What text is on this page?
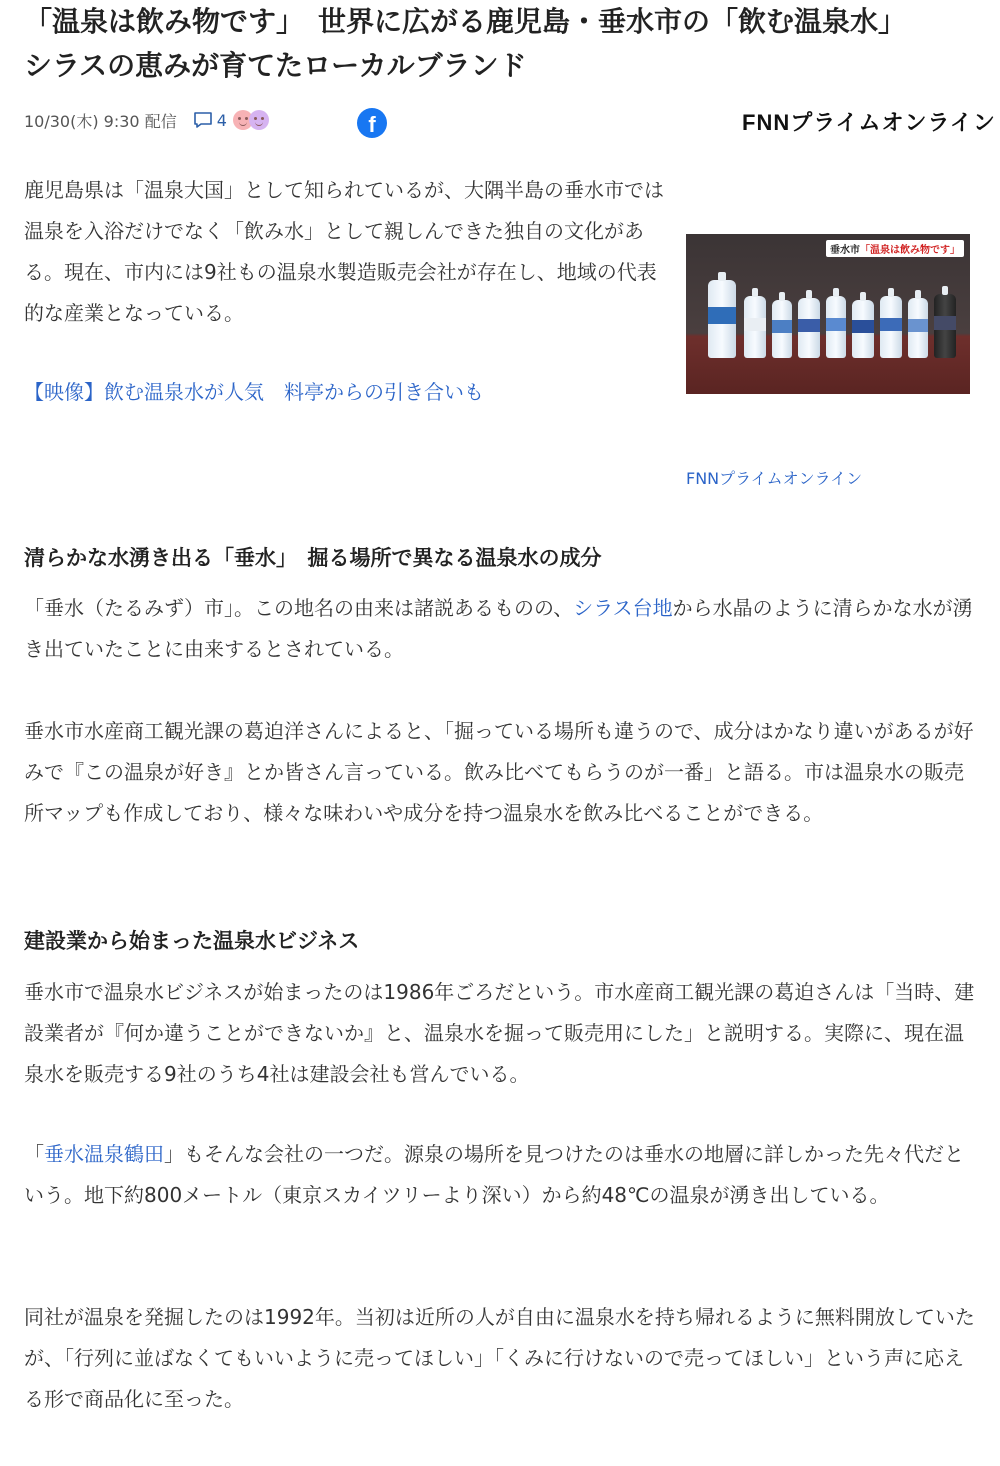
「温泉は飲み物です」　世界に広がる鹿児島・垂水市の「飲む温泉水」
シラスの恵みが育てたローカルブランド
10/30(木) 9:30 配信	4	f	FNNプライムオンライン

鹿児島県は「温泉大国」として知られているが、大隅半島の垂水市では温泉を入浴だけでなく「飲み水」として親しんできた独自の文化がある。現在、市内には9社もの温泉水製造販売会社が存在し、地域の代表的な産業となっている。

【映像】飲む温泉水が人気　料亭からの引き合いも
垂水市「温泉は飲み物です」
FNNプライムオンライン
清らかな水湧き出る「垂水」　掘る場所で異なる温泉水の成分

「垂水（たるみず）市」。この地名の由来は諸説あるものの、シラス台地から水晶のように清らかな水が湧き出ていたことに由来するとされている。

垂水市水産商工観光課の葛迫洋さんによると、「掘っている場所も違うので、成分はかなり違いがあるが好みで『この温泉が好き』とか皆さん言っている。飲み比べてもらうのが一番」と語る。市は温泉水の販売所マップも作成しており、様々な味わいや成分を持つ温泉水を飲み比べることができる。

建設業から始まった温泉水ビジネス

垂水市で温泉水ビジネスが始まったのは1986年ごろだという。市水産商工観光課の葛迫さんは「当時、建設業者が『何か違うことができないか』と、温泉水を掘って販売用にした」と説明する。実際に、現在温泉水を販売する9社のうち4社は建設会社も営んでいる。

「垂水温泉鶴田」もそんな会社の一つだ。源泉の場所を見つけたのは垂水の地層に詳しかった先々代だという。地下約800メートル（東京スカイツリーより深い）から約48℃の温泉が湧き出している。

同社が温泉を発掘したのは1992年。当初は近所の人が自由に温泉水を持ち帰れるように無料開放していたが、「行列に並ばなくてもいいように売ってほしい」「くみに行けないので売ってほしい」という声に応える形で商品化に至った。
